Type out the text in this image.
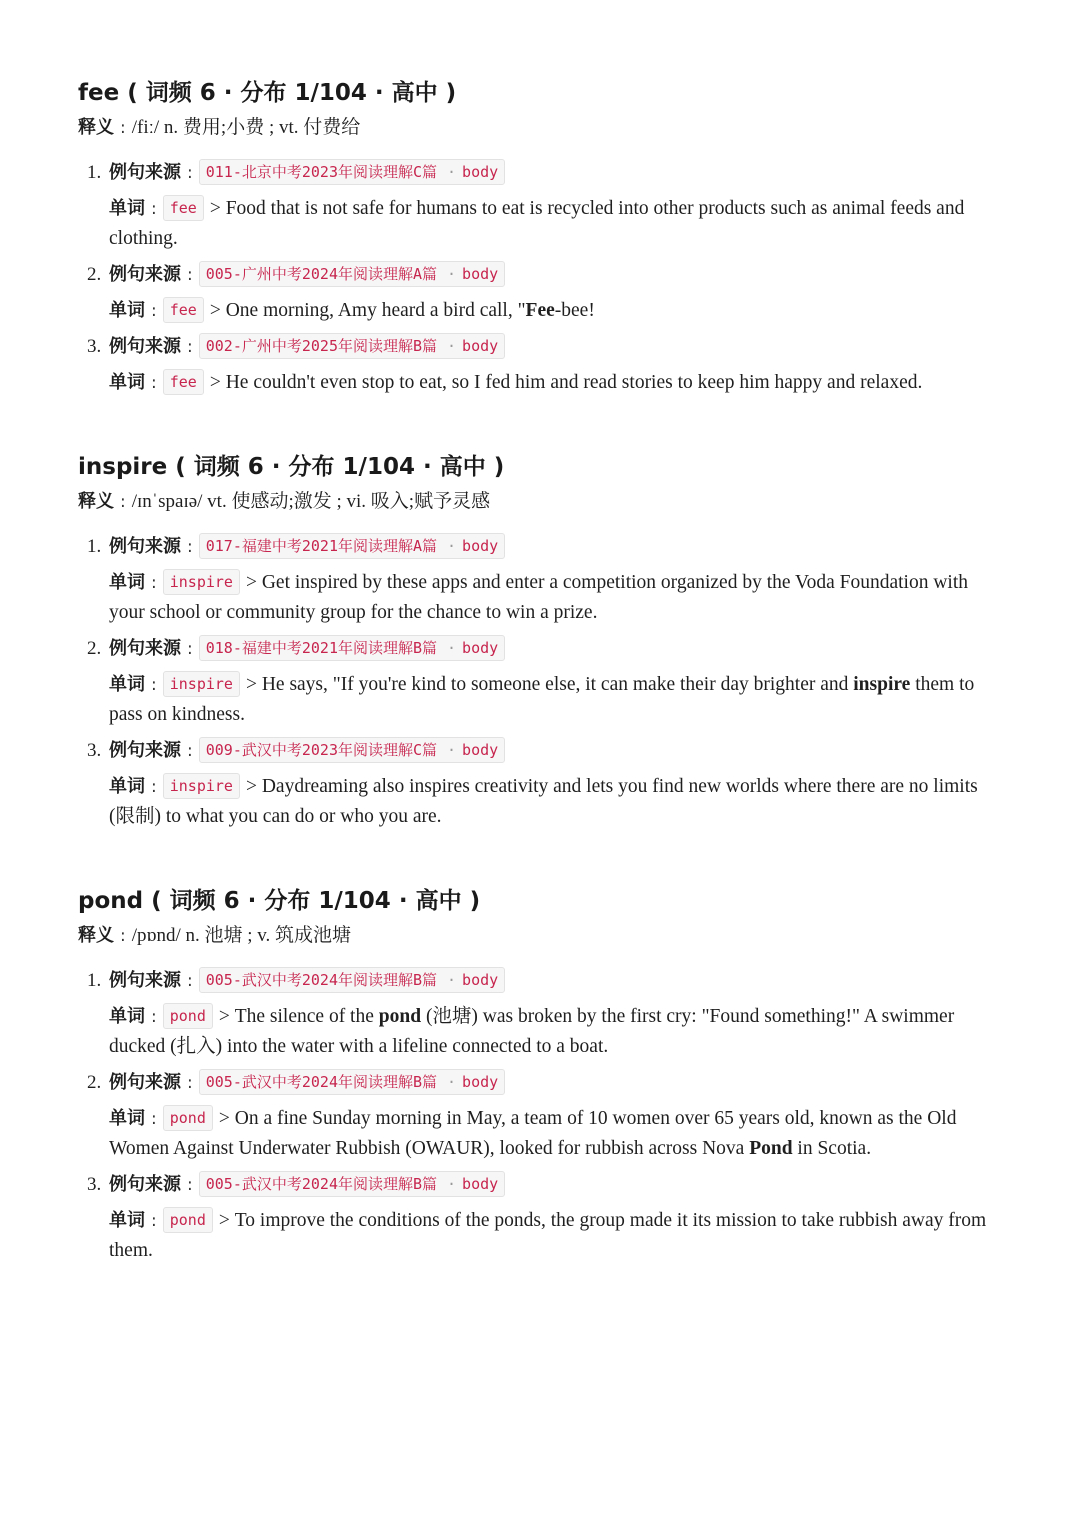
fee ( 词频 6 · 分布 1/104 · 高中 )

释义 : /fiː/ n. 费用;小费 ; vt. 付费给

1. 例句来源 : 011-北京中考2023年阅读理解C篇 · body
单词 : fee > Food that is not safe for humans to eat is recycled into other products such as animal feeds and clothing.
2. 例句来源 : 005-广州中考2024年阅读理解A篇 · body
单词 : fee > One morning, Amy heard a bird call, "Fee-bee!
3. 例句来源 : 002-广州中考2025年阅读理解B篇 · body
单词 : fee > He couldn't even stop to eat, so I fed him and read stories to keep him happy and relaxed.
inspire ( 词频 6 · 分布 1/104 · 高中 )

释义 : /ɪnˈspaɪə/ vt. 使感动;激发 ; vi. 吸入;赋予灵感

1. 例句来源 : 017-福建中考2021年阅读理解A篇 · body
单词 : inspire > Get inspired by these apps and enter a competition organized by the Voda Foundation with your school or community group for the chance to win a prize.
2. 例句来源 : 018-福建中考2021年阅读理解B篇 · body
单词 : inspire > He says, "If you're kind to someone else, it can make their day brighter and inspire them to pass on kindness.
3. 例句来源 : 009-武汉中考2023年阅读理解C篇 · body
单词 : inspire > Daydreaming also inspires creativity and lets you find new worlds where there are no limits (限制) to what you can do or who you are.
pond ( 词频 6 · 分布 1/104 · 高中 )

释义 : /pɒnd/ n. 池塘 ; v. 筑成池塘

1. 例句来源 : 005-武汉中考2024年阅读理解B篇 · body
单词 : pond > The silence of the pond (池塘) was broken by the first cry: "Found something!" A swimmer ducked (扎入) into the water with a lifeline connected to a boat.
2. 例句来源 : 005-武汉中考2024年阅读理解B篇 · body
单词 : pond > On a fine Sunday morning in May, a team of 10 women over 65 years old, known as the Old Women Against Underwater Rubbish (OWAUR), looked for rubbish across Nova Pond in Scotia.
3. 例句来源 : 005-武汉中考2024年阅读理解B篇 · body
单词 : pond > To improve the conditions of the ponds, the group made it its mission to take rubbish away from them.
